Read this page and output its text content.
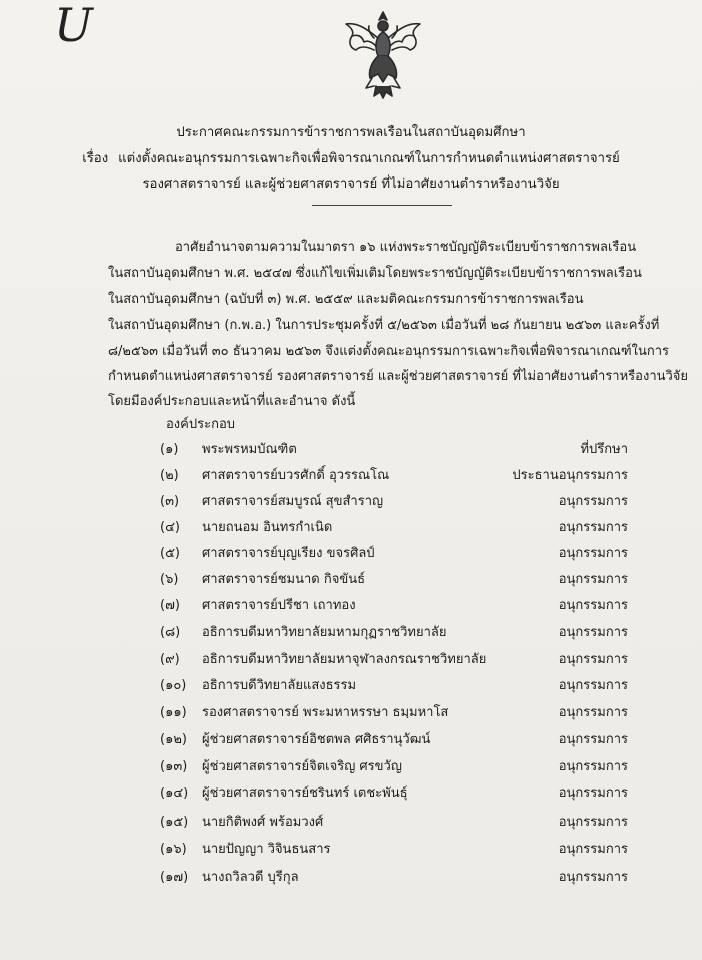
U
ประกาศคณะกรรมการข้าราชการพลเรือนในสถาบันอุดมศึกษา
เรื่อง แต่งตั้งคณะอนุกรรมการเฉพาะกิจเพื่อพิจารณาเกณฑ์ในการกำหนดตำแหน่งศาสตราจารย์
รองศาสตราจารย์ และผู้ช่วยศาสตราจารย์ ที่ไม่อาศัยงานตำราหรืองานวิจัย
อาศัยอำนาจตามความในมาตรา ๑๖ แห่งพระราชบัญญัติระเบียบข้าราชการพลเรือน
ในสถาบันอุดมศึกษา พ.ศ. ๒๕๔๗ ซึ่งแก้ไขเพิ่มเติมโดยพระราชบัญญัติระเบียบข้าราชการพลเรือน
ในสถาบันอุดมศึกษา (ฉบับที่ ๓) พ.ศ. ๒๕๕๙ และมติคณะกรรมการข้าราชการพลเรือน
ในสถาบันอุดมศึกษา (ก.พ.อ.) ในการประชุมครั้งที่ ๕/๒๕๖๓ เมื่อวันที่ ๒๘ กันยายน ๒๕๖๓ และครั้งที่
๘/๒๕๖๓ เมื่อวันที่ ๓๐ ธันวาคม ๒๕๖๓ จึงแต่งตั้งคณะอนุกรรมการเฉพาะกิจเพื่อพิจารณาเกณฑ์ในการ
กำหนดตำแหน่งศาสตราจารย์ รองศาสตราจารย์ และผู้ช่วยศาสตราจารย์ ที่ไม่อาศัยงานตำราหรืองานวิจัย
โดยมีองค์ประกอบและหน้าที่และอำนาจ ดังนี้
องค์ประกอบ
(๑) พระพรหมบัณฑิต	ที่ปรึกษา
(๒) ศาสตราจารย์บวรศักดิ์ อุวรรณโณ	ประธานอนุกรรมการ
(๓) ศาสตราจารย์สมบูรณ์ สุขสำราญ	อนุกรรมการ
(๔) นายถนอม อินทรกำเนิด	อนุกรรมการ
(๕) ศาสตราจารย์บุญเรียง ขจรศิลป์	อนุกรรมการ
(๖) ศาสตราจารย์ชมนาด กิจขันธ์	อนุกรรมการ
(๗) ศาสตราจารย์ปรีชา เถาทอง	อนุกรรมการ
(๘) อธิการบดีมหาวิทยาลัยมหามกุฏราชวิทยาลัย	อนุกรรมการ
(๙) อธิการบดีมหาวิทยาลัยมหาจุฬาลงกรณราชวิทยาลัย	อนุกรรมการ
(๑๐) อธิการบดีวิทยาลัยแสงธรรม	อนุกรรมการ
(๑๑) รองศาสตราจารย์ พระมหาหรรษา ธมฺมหาโส	อนุกรรมการ
(๑๒) ผู้ช่วยศาสตราจารย์อิชตพล ศศิธรานุวัฒน์	อนุกรรมการ
(๑๓) ผู้ช่วยศาสตราจารย์จิตเจริญ ศรขวัญ	อนุกรรมการ
(๑๔) ผู้ช่วยศาสตราจารย์ชรินทร์ เตชะพันธุ์	อนุกรรมการ
(๑๕) นายกิติพงศ์ พร้อมวงศ์	อนุกรรมการ
(๑๖) นายปัญญา วิจินธนสาร	อนุกรรมการ
(๑๗) นางถวิลวดี บุรีกุล	อนุกรรมการ
